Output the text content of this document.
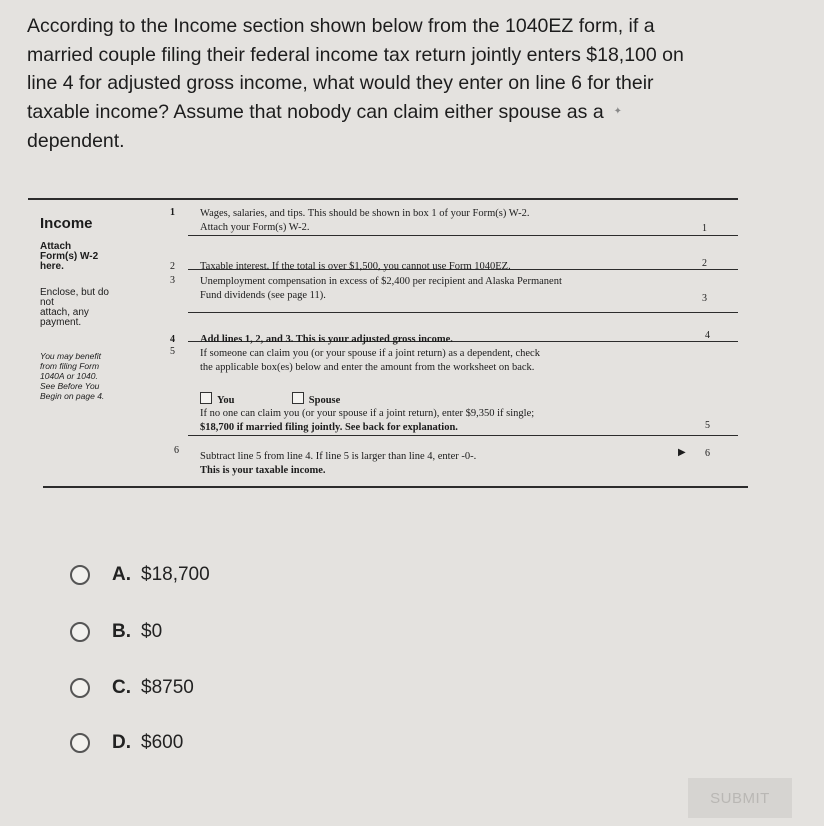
According to the Income section shown below from the 1040EZ form, if a
married couple filing their federal income tax return jointly enters $18,100 on
line 4 for adjusted gross income, what would they enter on line 6 for their
taxable income? Assume that nobody can claim either spouse as a ✦
dependent.
Income
Attach
Form(s) W-2
here.
Enclose, but do
not
attach, any
payment.
You may benefit
from filing Form
1040A or 1040.
See Before You
Begin on page 4.
1
2
3
4
5
6
Wages, salaries, and tips. This should be shown in box 1 of your Form(s) W-2.
Attach your Form(s) W-2.
Taxable interest. If the total is over $1,500, you cannot use Form 1040EZ.
Unemployment compensation in excess of $2,400 per recipient and Alaska Permanent
Fund dividends (see page 11).
Add lines 1, 2, and 3. This is your adjusted gross income.
If someone can claim you (or your spouse if a joint return) as a dependent, check
the applicable box(es) below and enter the amount from the worksheet on back.
You	Spouse
If no one can claim you (or your spouse if a joint return), enter $9,350 if single;
$18,700 if married filing jointly. See back for explanation.
Subtract line 5 from line 4. If line 5 is larger than line 4, enter -0-.
This is your taxable income.
1
2
3
4
5
▶ 6
A. $18,700
B. $0
C. $8750
D. $600
SUBMIT
